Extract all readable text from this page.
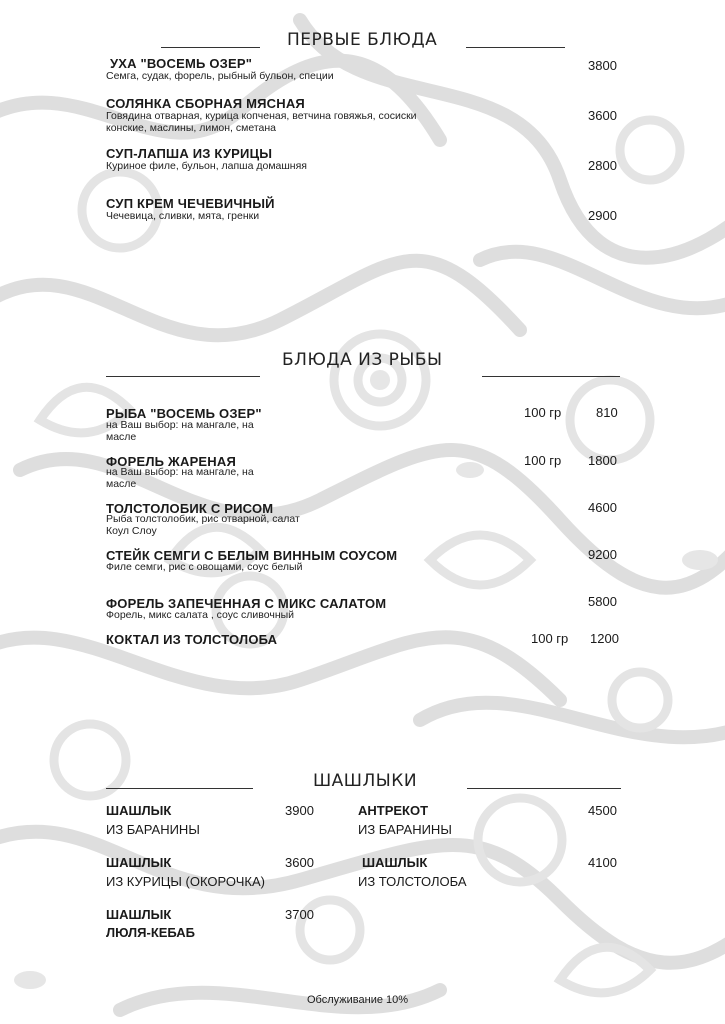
ПЕРВЫЕ БЛЮДА
УХА "ВОСЕМЬ ОЗЕР"
Семга, судак, форель, рыбный бульон, специи
3800
СОЛЯНКА СБОРНАЯ МЯСНАЯ
Говядина отварная, курица копченая, ветчина говяжья, сосиски конские, маслины, лимон, сметана
3600
СУП-ЛАПША ИЗ КУРИЦЫ
Куриное филе, бульон, лапша домашняя	2800
СУП КРЕМ ЧЕЧЕВИЧНЫЙ
Чечевица, сливки, мята, гренки	2900
БЛЮДА ИЗ РЫБЫ
РЫБА "ВОСЕМЬ ОЗЕР"
на Ваш выбор: на мангале, на масле
100 гр	810
ФОРЕЛЬ ЖАРЕНАЯ
на Ваш выбор: на мангале, на масле
100 гр 1800
ТОЛСТОЛОБИК С РИСОМ
Рыба толстолобик, рис отварной, салат Коул Слоу
4600
СТЕЙК СЕМГИ С БЕЛЫМ ВИННЫМ СОУСОМ
Филе семги, рис с овощами, соус белый
9200
ФОРЕЛЬ ЗАПЕЧЕННАЯ С МИКС САЛАТОМ
Форель, микс салата , соус сливочный
5800
КОКТАЛ ИЗ ТОЛСТОЛОБА	100 гр 1200
ШАШЛЫКИ
ШАШЛЫК
ИЗ БАРАНИНЫ
3900
ШАШЛЫК
ИЗ КУРИЦЫ (ОКОРОЧКА)
3600
ШАШЛЫК
ЛЮЛЯ-КЕБАБ
3700
АНТРЕКОТ
ИЗ БАРАНИНЫ
4500
ШАШЛЫК
ИЗ ТОЛСТОЛОБА
4100
Обслуживание 10%
